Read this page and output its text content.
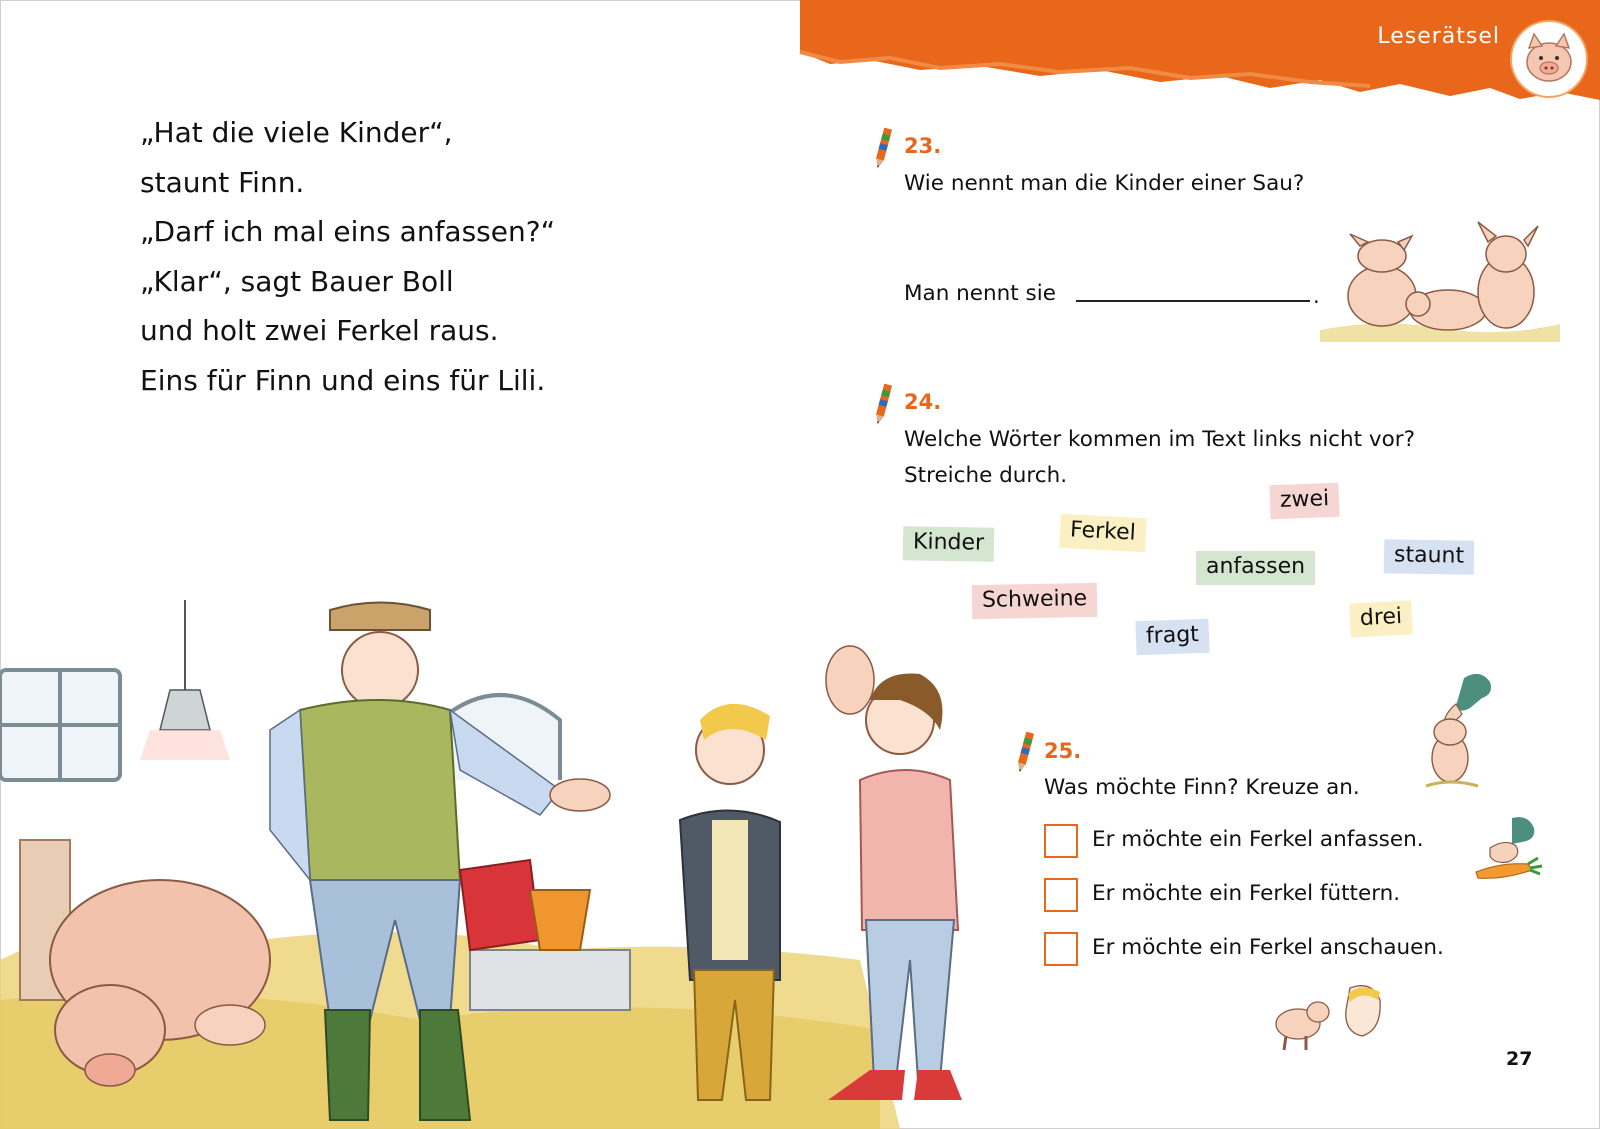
„Hat die viele Kinder“,
staunt Finn.
„Darf ich mal eins anfassen?“
„Klar“, sagt Bauer Boll
und holt zwei Ferkel raus.
Eins für Finn und eins für Lili.
Leserätsel
23.
Wie nennt man die Kinder einer Sau?
Man nennt sie	.
24.
Welche Wörter kommen im Text links nicht vor?
Streiche durch.
Kinder	Ferkel
zwei
anfassen	staunt
Schweine
fragt
drei
25.
Was möchte Finn? Kreuze an.
Er möchte ein Ferkel anfassen.
Er möchte ein Ferkel füttern.
Er möchte ein Ferkel anschauen.
27
